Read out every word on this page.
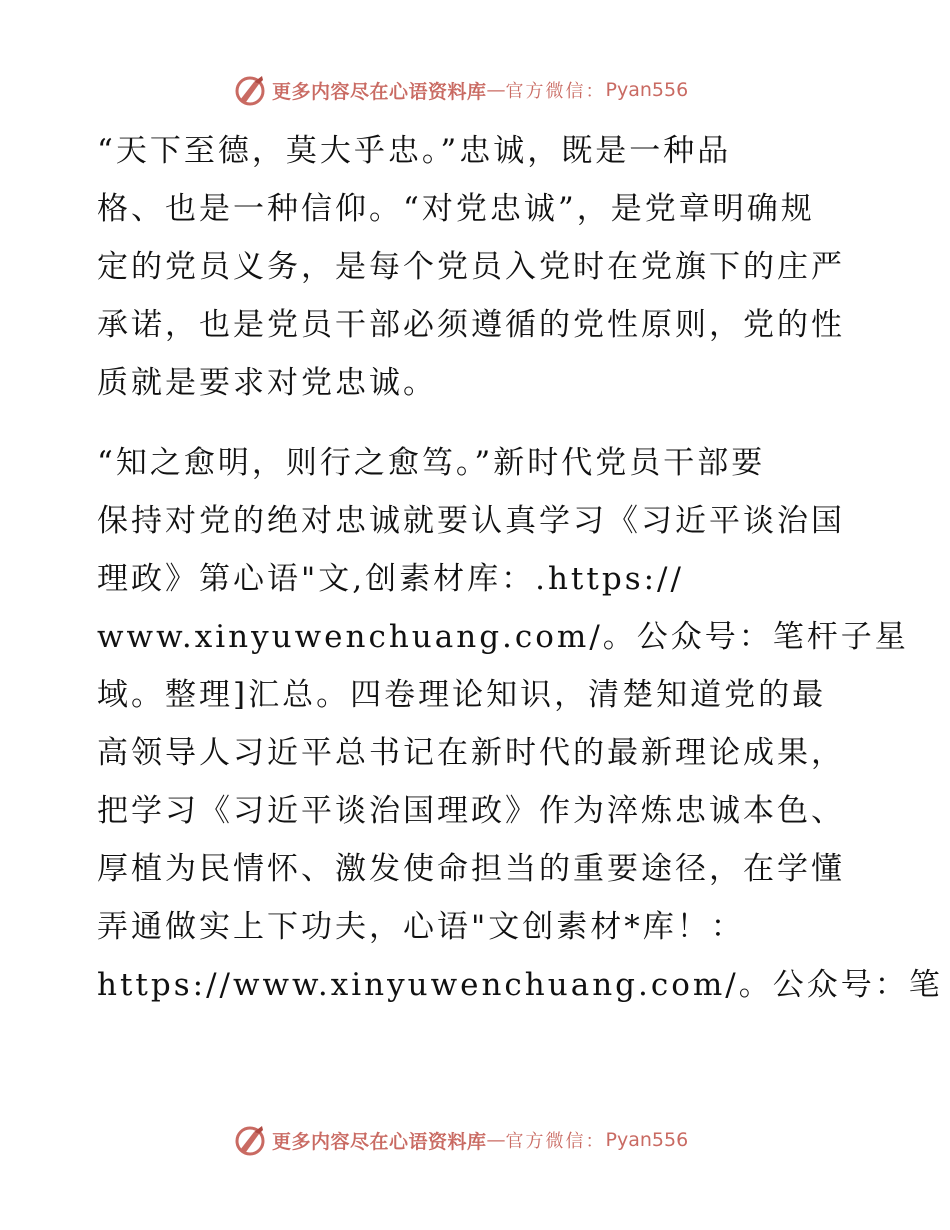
更多内容尽在心语资料库 — 官方微信： Pyan556
“天下至德，莫大乎忠。”忠诚，既是一种品
格、也是一种信仰。“对党忠诚”，是党章明确规
定的党员义务，是每个党员入党时在党旗下的庄严
承诺，也是党员干部必须遵循的党性原则，党的性
质就是要求对党忠诚。
“知之愈明，则行之愈笃。”新时代党员干部要
保持对党的绝对忠诚就要认真学习《习近平谈治国
理政》第心语"文,创素材库：.https://
www.xinyuwenchuang.com/。公众号：笔杆子星
域。整理]汇总。四卷理论知识，清楚知道党的最
高领导人习近平总书记在新时代的最新理论成果，
把学习《习近平谈治国理政》作为淬炼忠诚本色、
厚植为民情怀、激发使命担当的重要途径，在学懂
弄通做实上下功夫，心语"文创素材*库！：
https://www.xinyuwenchuang.com/。公众号：笔
更多内容尽在心语资料库 — 官方微信： Pyan556
